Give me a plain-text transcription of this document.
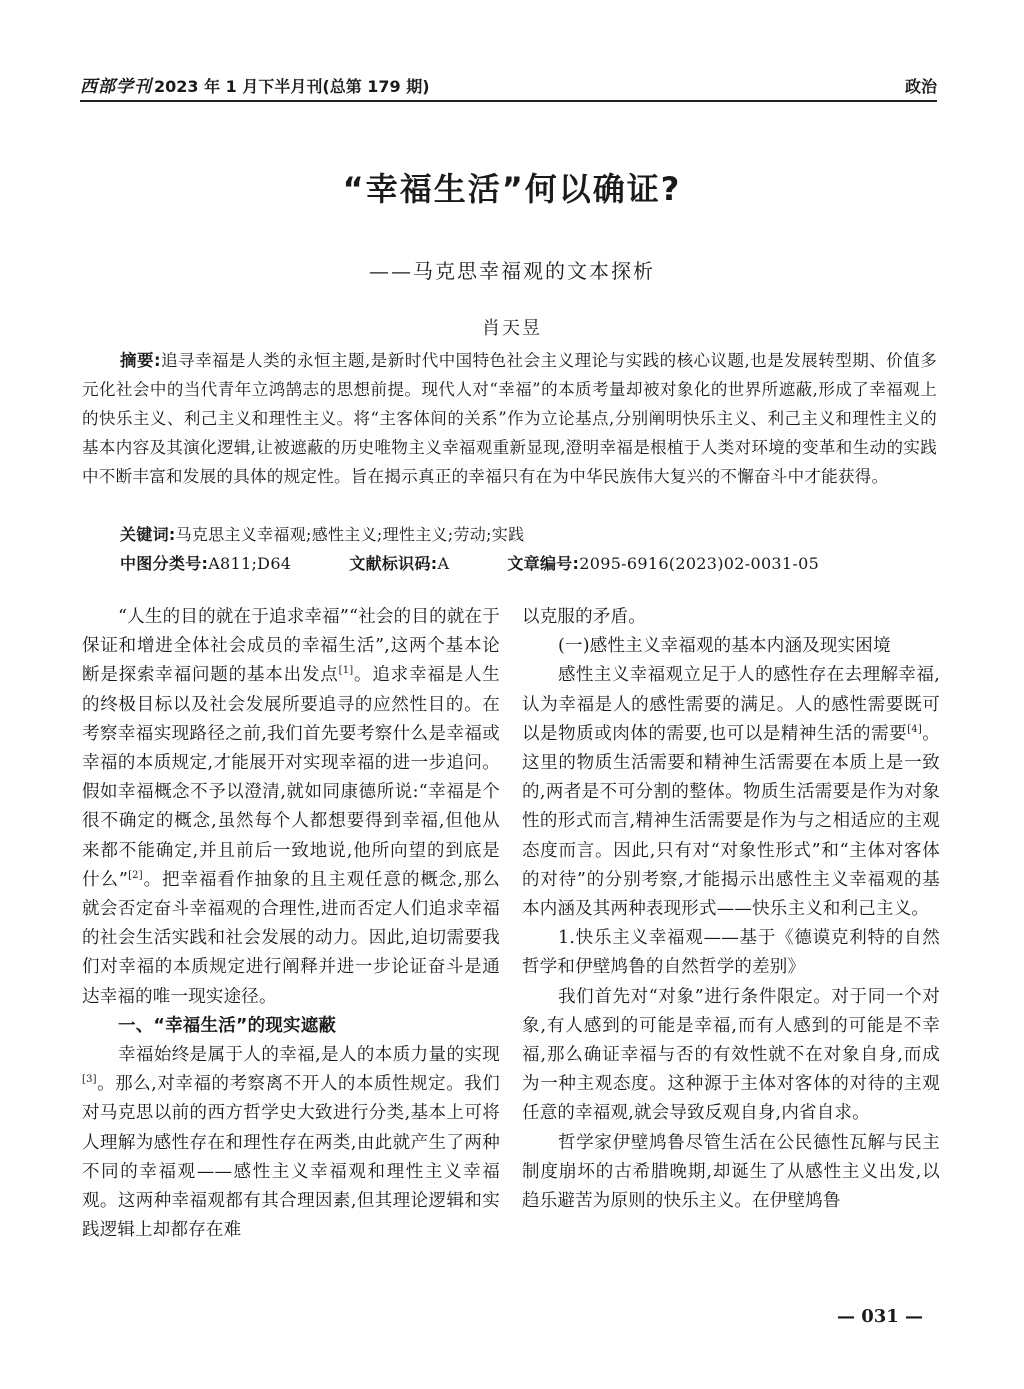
西部学刊 2023 年 1 月下半月刊(总第 179 期)	政治
“幸福生活”何以确证?
——马克思幸福观的文本探析
肖天昱
摘要:追寻幸福是人类的永恒主题,是新时代中国特色社会主义理论与实践的核心议题,也是发展转型期、价值多元化社会中的当代青年立鸿鹄志的思想前提。现代人对“幸福”的本质考量却被对象化的世界所遮蔽,形成了幸福观上的快乐主义、利己主义和理性主义。将“主客体间的关系”作为立论基点,分别阐明快乐主义、利己主义和理性主义的基本内容及其演化逻辑,让被遮蔽的历史唯物主义幸福观重新显现,澄明幸福是根植于人类对环境的变革和生动的实践中不断丰富和发展的具体的规定性。旨在揭示真正的幸福只有在为中华民族伟大复兴的不懈奋斗中才能获得。
关键词:马克思主义幸福观;感性主义;理性主义;劳动;实践
中图分类号:A811;D64	文献标识码:A	文章编号:2095-6916(2023)02-0031-05

“人生的目的就在于追求幸福”“社会的目的就在于保证和增进全体社会成员的幸福生活”,这两个基本论断是探索幸福问题的基本出发点[1]。追求幸福是人生的终极目标以及社会发展所要追寻的应然性目的。在考察幸福实现路径之前,我们首先要考察什么是幸福或幸福的本质规定,才能展开对实现幸福的进一步追问。假如幸福概念不予以澄清,就如同康德所说:“幸福是个很不确定的概念,虽然每个人都想要得到幸福,但他从来都不能确定,并且前后一致地说,他所向望的到底是什么”[2]。把幸福看作抽象的且主观任意的概念,那么就会否定奋斗幸福观的合理性,进而否定人们追求幸福的社会生活实践和社会发展的动力。因此,迫切需要我们对幸福的本质规定进行阐释并进一步论证奋斗是通达幸福的唯一现实途径。

一、“幸福生活”的现实遮蔽

幸福始终是属于人的幸福,是人的本质力量的实现[3]。那么,对幸福的考察离不开人的本质性规定。我们对马克思以前的西方哲学史大致进行分类,基本上可将人理解为感性存在和理性存在两类,由此就产生了两种不同的幸福观——感性主义幸福观和理性主义幸福观。这两种幸福观都有其合理因素,但其理论逻辑和实践逻辑上却都存在难

以克服的矛盾。

(一)感性主义幸福观的基本内涵及现实困境

感性主义幸福观立足于人的感性存在去理解幸福,认为幸福是人的感性需要的满足。人的感性需要既可以是物质或肉体的需要,也可以是精神生活的需要[4]。这里的物质生活需要和精神生活需要在本质上是一致的,两者是不可分割的整体。物质生活需要是作为对象性的形式而言,精神生活需要是作为与之相适应的主观态度而言。因此,只有对“对象性形式”和“主体对客体的对待”的分别考察,才能揭示出感性主义幸福观的基本内涵及其两种表现形式——快乐主义和利己主义。

1.快乐主义幸福观——基于《德谟克利特的自然哲学和伊壁鸠鲁的自然哲学的差别》

我们首先对“对象”进行条件限定。对于同一个对象,有人感到的可能是幸福,而有人感到的可能是不幸福,那么确证幸福与否的有效性就不在对象自身,而成为一种主观态度。这种源于主体对客体的对待的主观任意的幸福观,就会导致反观自身,内省自求。

哲学家伊壁鸠鲁尽管生活在公民德性瓦解与民主制度崩坏的古希腊晚期,却诞生了从感性主义出发,以趋乐避苦为原则的快乐主义。在伊壁鸠鲁

— 031 —
